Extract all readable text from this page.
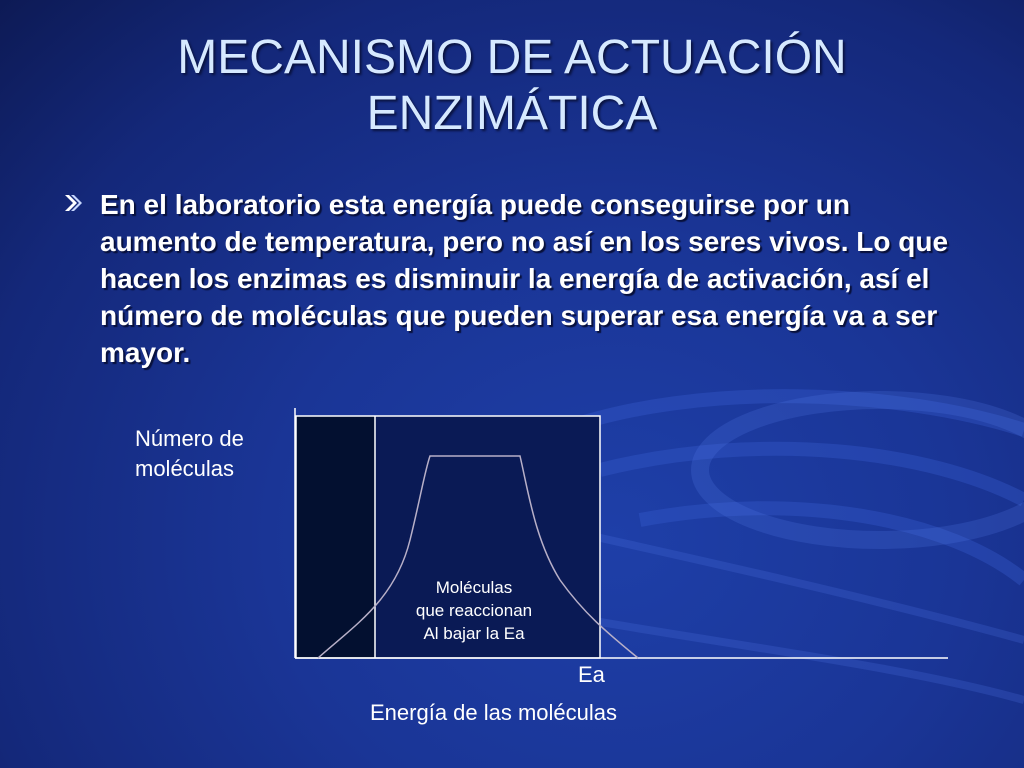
MECANISMO DE ACTUACIÓN
ENZIMÁTICA
En el laboratorio esta energía puede conseguirse por un aumento de temperatura, pero no así en los seres vivos. Lo que hacen los enzimas es disminuir la energía de activación, así el número de moléculas que pueden superar esa energía va a ser mayor.
Número de moléculas
Moléculas
que reaccionan
Al bajar la Ea
Ea
Energía de las moléculas
